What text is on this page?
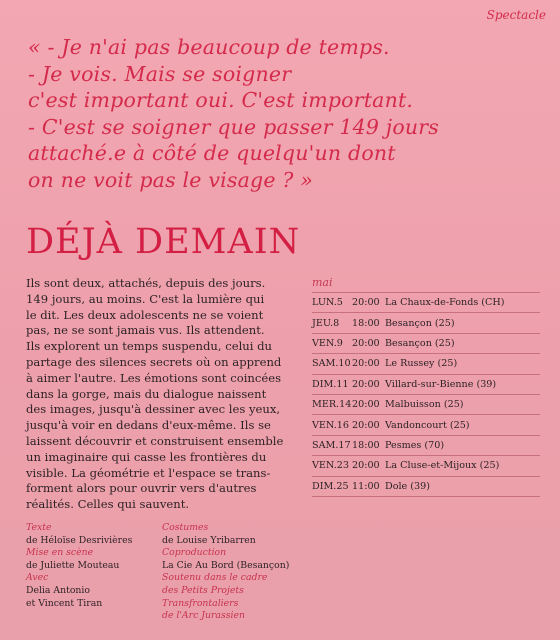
Spectacle
« - Je n'ai pas beaucoup de temps.
- Je vois. Mais se soigner
c'est important oui. C'est important.
- C'est se soigner que passer 149 jours
attaché.e à côté de quelqu'un dont
on ne voit pas le visage ? »
DÉJÀ DEMAIN
Ils sont deux, attachés, depuis des jours.
149 jours, au moins. C'est la lumière qui
le dit. Les deux adolescents ne se voient
pas, ne se sont jamais vus. Ils attendent.
Ils explorent un temps suspendu, celui du
partage des silences secrets où on apprend
à aimer l'autre. Les émotions sont coincées
dans la gorge, mais du dialogue naissent
des images, jusqu'à dessiner avec les yeux,
jusqu'à voir en dedans d'eux-même. Ils se
laissent découvrir et construisent ensemble
un imaginaire qui casse les frontières du
visible. La géométrie et l'espace se trans-
forment alors pour ouvrir vers d'autres
réalités. Celles qui sauvent.
mai
LUN.5 20:00 La Chaux-de-Fonds (CH)
JEU.8	18:00 Besançon (25)
VEN.9 20:00 Besançon (25)
SAM.10 20:00 Le Russey (25)
DIM.11 20:00 Villard-sur-Bienne (39)
MER.14 20:00 Malbuisson (25)
VEN.16 20:00 Vandoncourt (25)
SAM.17 18:00 Pesmes (70)
VEN.23 20:00 La Cluse-et-Mijoux (25)
DIM.25 11:00 Dole (39)
Texte
de Héloïse Desrivières
Mise en scène
de Juliette Mouteau
Avec
Delia Antonio
et Vincent Tiran
Costumes
de Louise Yribarren
Coproduction
La Cie Au Bord (Besançon)
Soutenu dans le cadre
des Petits Projets
Transfrontaliers
de l'Arc Jurassien
